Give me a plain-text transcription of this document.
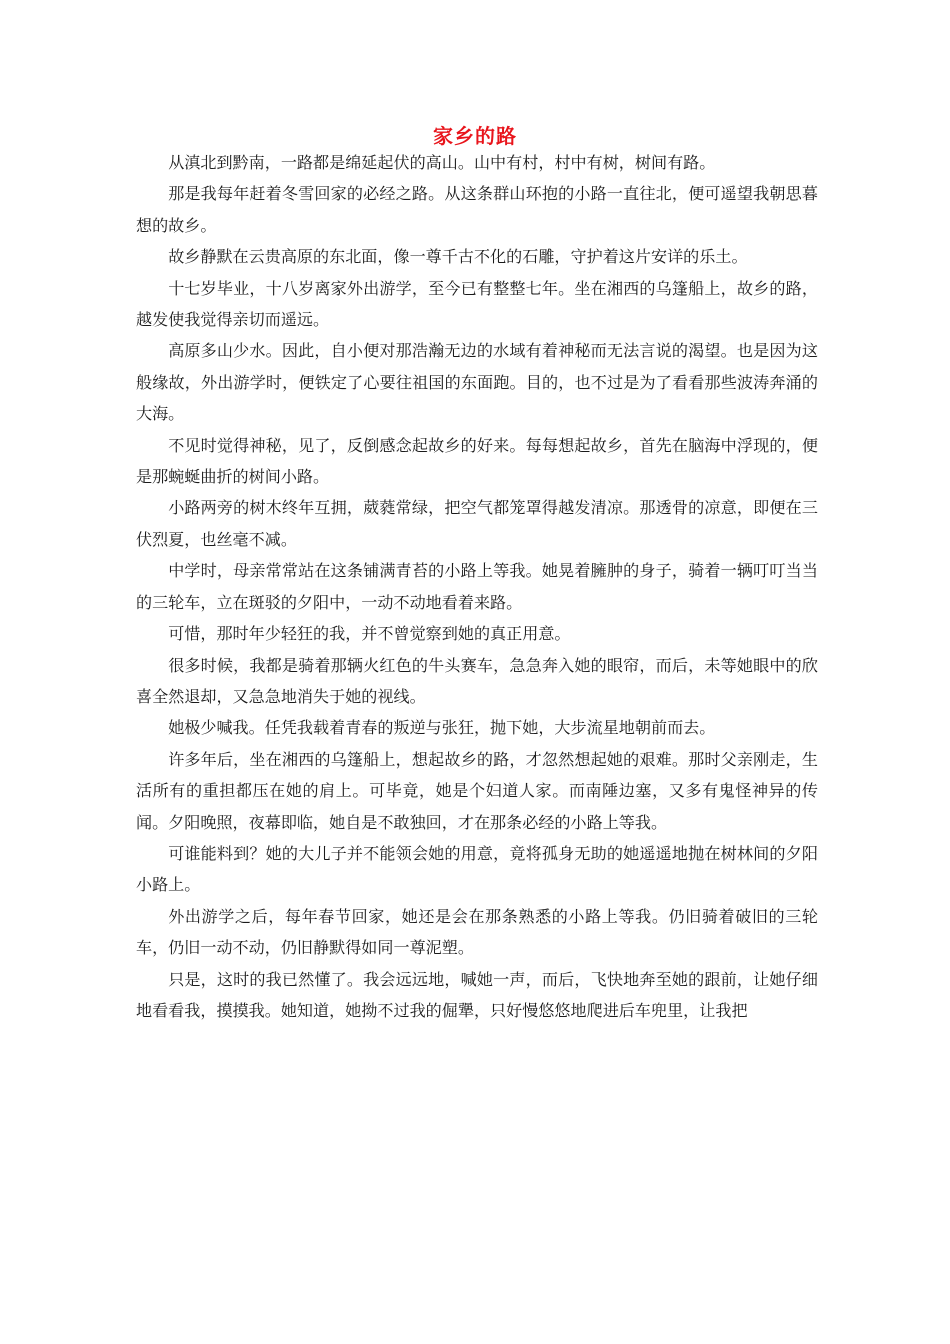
家乡的路

从滇北到黔南，一路都是绵延起伏的高山。山中有村，村中有树，树间有路。

那是我每年赶着冬雪回家的必经之路。从这条群山环抱的小路一直往北，便可遥望我朝思暮想的故乡。

故乡静默在云贵高原的东北面，像一尊千古不化的石雕，守护着这片安详的乐土。

十七岁毕业，十八岁离家外出游学，至今已有整整七年。坐在湘西的乌篷船上，故乡的路，越发使我觉得亲切而遥远。

高原多山少水。因此，自小便对那浩瀚无边的水域有着神秘而无法言说的渴望。也是因为这般缘故，外出游学时，便铁定了心要往祖国的东面跑。目的，也不过是为了看看那些波涛奔涌的大海。

不见时觉得神秘，见了，反倒感念起故乡的好来。每每想起故乡，首先在脑海中浮现的，便是那蜿蜒曲折的树间小路。

小路两旁的树木终年互拥，葳蕤常绿，把空气都笼罩得越发清凉。那透骨的凉意，即便在三伏烈夏，也丝毫不减。

中学时，母亲常常站在这条铺满青苔的小路上等我。她晃着臃肿的身子，骑着一辆叮叮当当的三轮车，立在斑驳的夕阳中，一动不动地看着来路。

可惜，那时年少轻狂的我，并不曾觉察到她的真正用意。

很多时候，我都是骑着那辆火红色的牛头赛车，急急奔入她的眼帘，而后，未等她眼中的欣喜全然退却，又急急地消失于她的视线。

她极少喊我。任凭我载着青春的叛逆与张狂，抛下她，大步流星地朝前而去。

许多年后，坐在湘西的乌篷船上，想起故乡的路，才忽然想起她的艰难。那时父亲刚走，生活所有的重担都压在她的肩上。可毕竟，她是个妇道人家。而南陲边塞，又多有鬼怪神异的传闻。夕阳晚照，夜幕即临，她自是不敢独回，才在那条必经的小路上等我。

可谁能料到？她的大儿子并不能领会她的用意，竟将孤身无助的她遥遥地抛在树林间的夕阳小路上。

外出游学之后，每年春节回家，她还是会在那条熟悉的小路上等我。仍旧骑着破旧的三轮车，仍旧一动不动，仍旧静默得如同一尊泥塑。

只是，这时的我已然懂了。我会远远地，喊她一声，而后，飞快地奔至她的跟前，让她仔细地看看我，摸摸我。她知道，她拗不过我的倔犟，只好慢悠悠地爬进后车兜里，让我把
